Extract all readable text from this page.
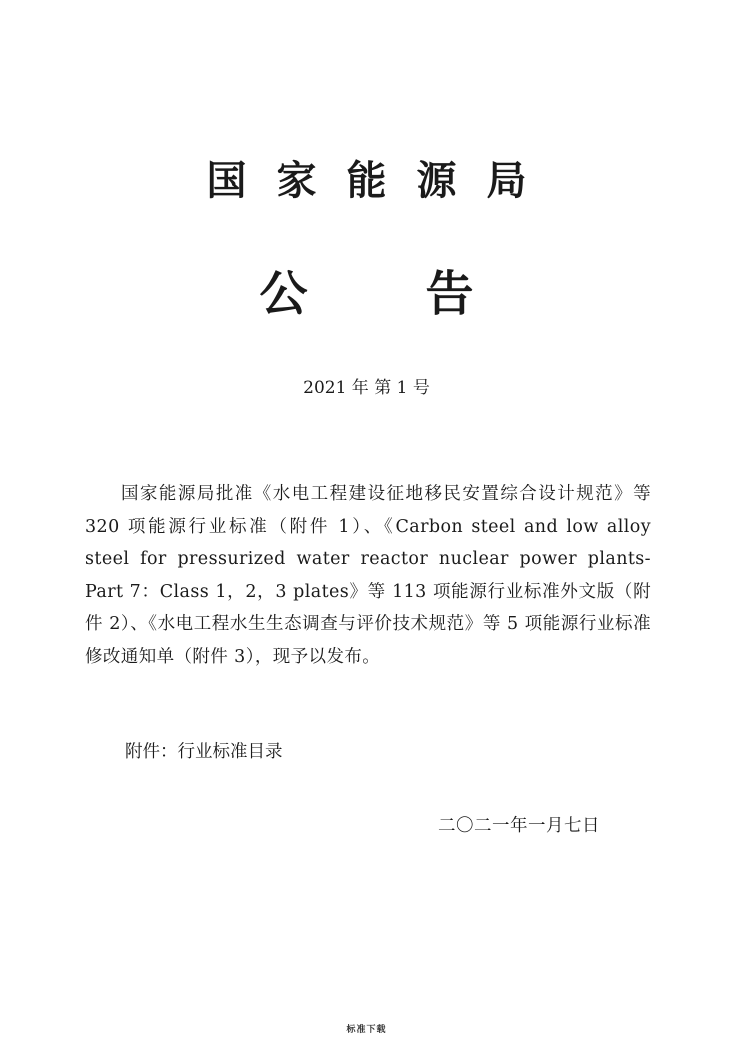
国家能源局
公告
2021 年 第 1 号
国家能源局批准《水电工程建设征地移民安置综合设计规范》等 320 项能源行业标准（附件 1）、《Carbon steel and low alloy steel for pressurized water reactor nuclear power plants-Part 7：Class 1，2，3 plates》等 113 项能源行业标准外文版（附件 2）、《水电工程水生生态调查与评价技术规范》等 5 项能源行业标准修改通知单（附件 3），现予以发布。
附件：行业标准目录
二〇二一年一月七日
标准下载
